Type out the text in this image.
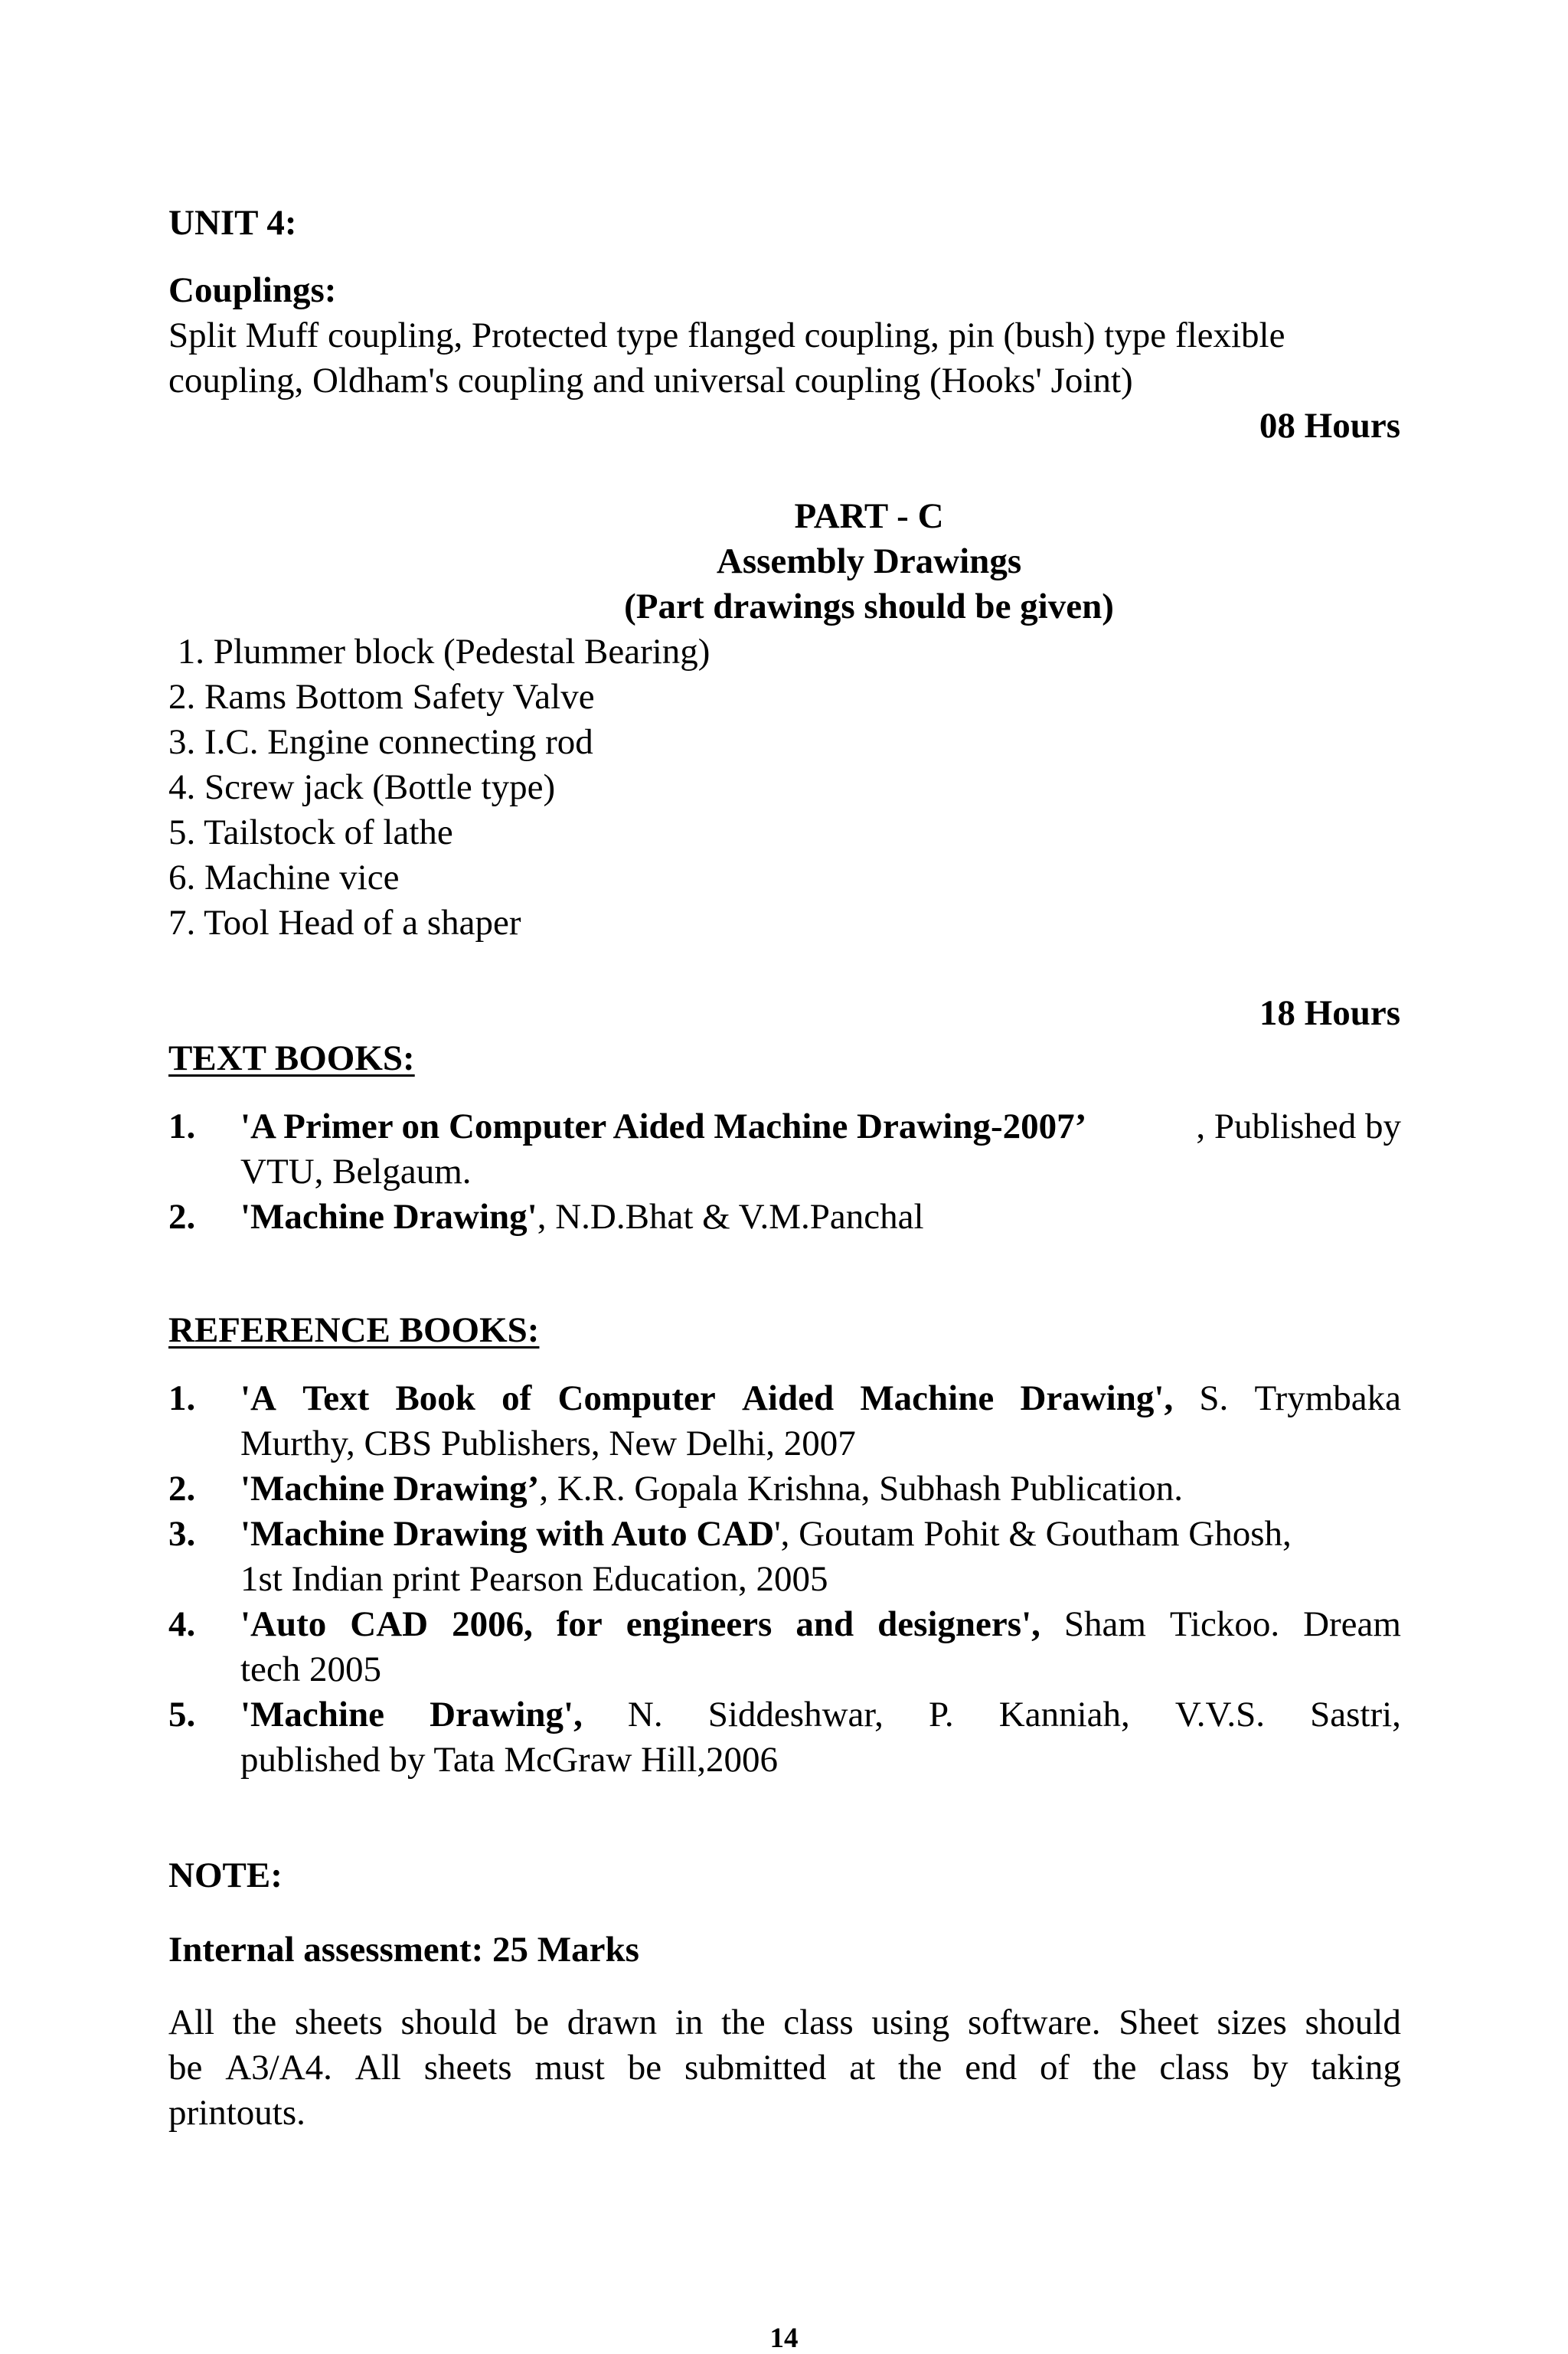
UNIT 4:
Couplings:
Split Muff coupling, Protected type flanged coupling, pin (bush) type flexible
coupling, Oldham's coupling and universal coupling (Hooks' Joint)
08 Hours
PART - C
Assembly Drawings
(Part drawings should be given)
1. Plummer block (Pedestal Bearing)
2. Rams Bottom Safety Valve
3. I.C. Engine connecting rod
4. Screw jack (Bottle type)
5. Tailstock of lathe
6. Machine vice
7. Tool Head of a shaper
18 Hours
TEXT BOOKS:
1. 'A Primer on Computer Aided Machine Drawing-2007’	, Published by
VTU, Belgaum.
2. 'Machine Drawing', N.D.Bhat & V.M.Panchal
REFERENCE BOOKS:
1. 'A Text Book of Computer Aided Machine Drawing', S. Trymbaka
Murthy, CBS Publishers, New Delhi, 2007
2. 'Machine Drawing’, K.R. Gopala Krishna, Subhash Publication.
3. 'Machine Drawing with Auto CAD ', Goutam Pohit & Goutham Ghosh,
1st Indian print Pearson Education, 2005
4. 'Auto CAD 2006, for engineers and designers', Sham Tickoo. Dream
tech 2005
5. 'Machine Drawing', N. Siddeshwar, P. Kanniah, V.V.S. Sastri,
published by Tata McGraw Hill,2006
NOTE:
Internal assessment: 25 Marks
All the sheets should be drawn in the class using software. Sheet sizes should
be A3/A4. All sheets must be submitted at the end of the class by taking
printouts.
14
